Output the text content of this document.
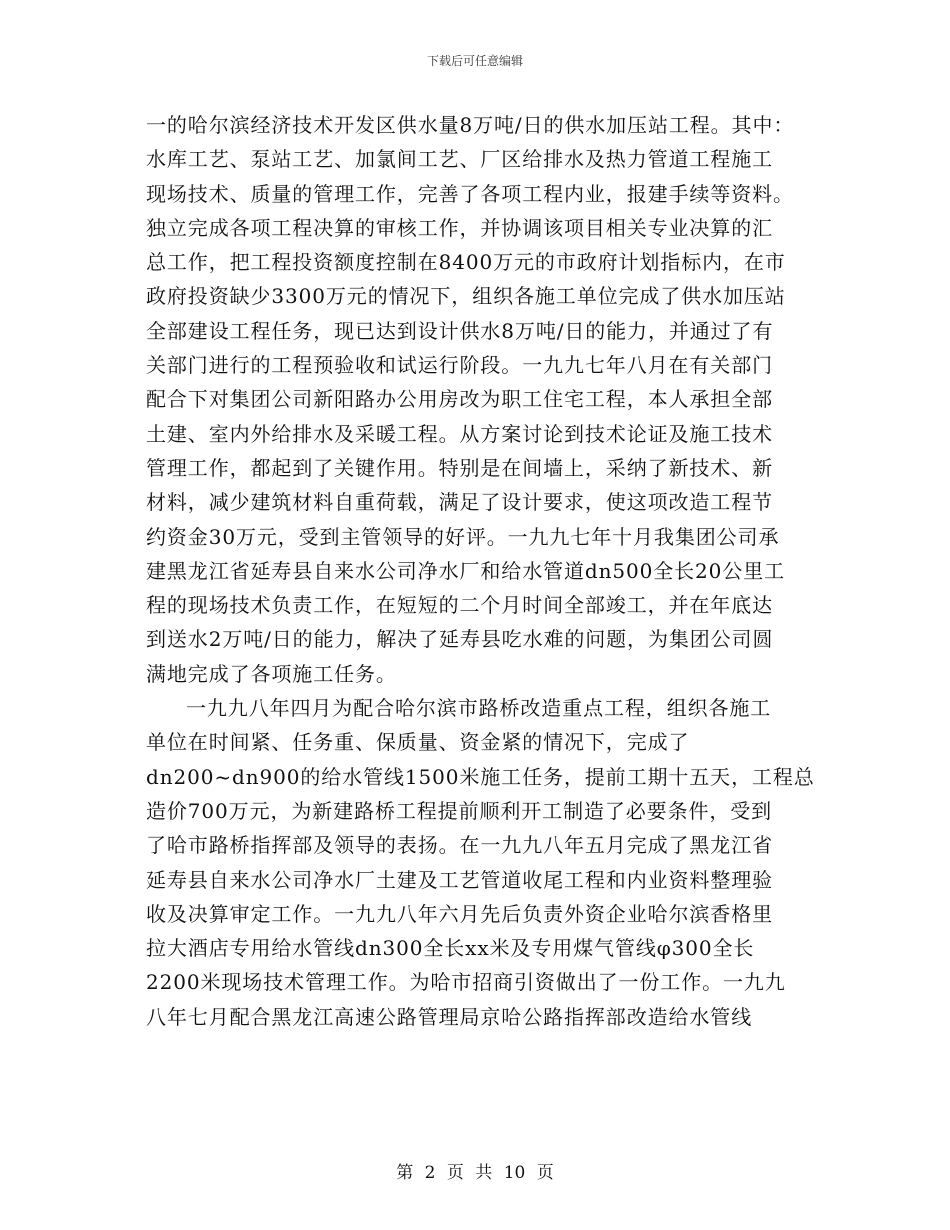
下载后可任意编辑

一的哈尔滨经济技术开发区供水量8万吨/日的供水加压站工程。其中：
水库工艺、泵站工艺、加氯间工艺、厂区给排水及热力管道工程施工
现场技术、质量的管理工作，完善了各项工程内业，报建手续等资料。
独立完成各项工程决算的审核工作，并协调该项目相关专业决算的汇
总工作，把工程投资额度控制在8400万元的市政府计划指标内，在市
政府投资缺少3300万元的情况下，组织各施工单位完成了供水加压站
全部建设工程任务，现已达到设计供水8万吨/日的能力，并通过了有
关部门进行的工程预验收和试运行阶段。一九九七年八月在有关部门
配合下对集团公司新阳路办公用房改为职工住宅工程，本人承担全部
土建、室内外给排水及采暖工程。从方案讨论到技术论证及施工技术
管理工作，都起到了关键作用。特别是在间墙上，采纳了新技术、新
材料，减少建筑材料自重荷载，满足了设计要求，使这项改造工程节
约资金30万元，受到主管领导的好评。一九九七年十月我集团公司承
建黑龙江省延寿县自来水公司净水厂和给水管道dn500全长20公里工
程的现场技术负责工作，在短短的二个月时间全部竣工，并在年底达
到送水2万吨/日的能力，解决了延寿县吃水难的问题，为集团公司圆
满地完成了各项施工任务。

一九九八年四月为配合哈尔滨市路桥改造重点工程，组织各施工
单位在时间紧、任务重、保质量、资金紧的情况下，完成了
dn200~dn900的给水管线1500米施工任务，提前工期十五天，工程总
造价700万元，为新建路桥工程提前顺利开工制造了必要条件，受到
了哈市路桥指挥部及领导的表扬。在一九九八年五月完成了黑龙江省
延寿县自来水公司净水厂土建及工艺管道收尾工程和内业资料整理验
收及决算审定工作。一九九八年六月先后负责外资企业哈尔滨香格里
拉大酒店专用给水管线dn300全长xx米及专用煤气管线φ300全长
2200米现场技术管理工作。为哈市招商引资做出了一份工作。一九九
八年七月配合黑龙江高速公路管理局京哈公路指挥部改造给水管线

第 2 页 共 10 页
